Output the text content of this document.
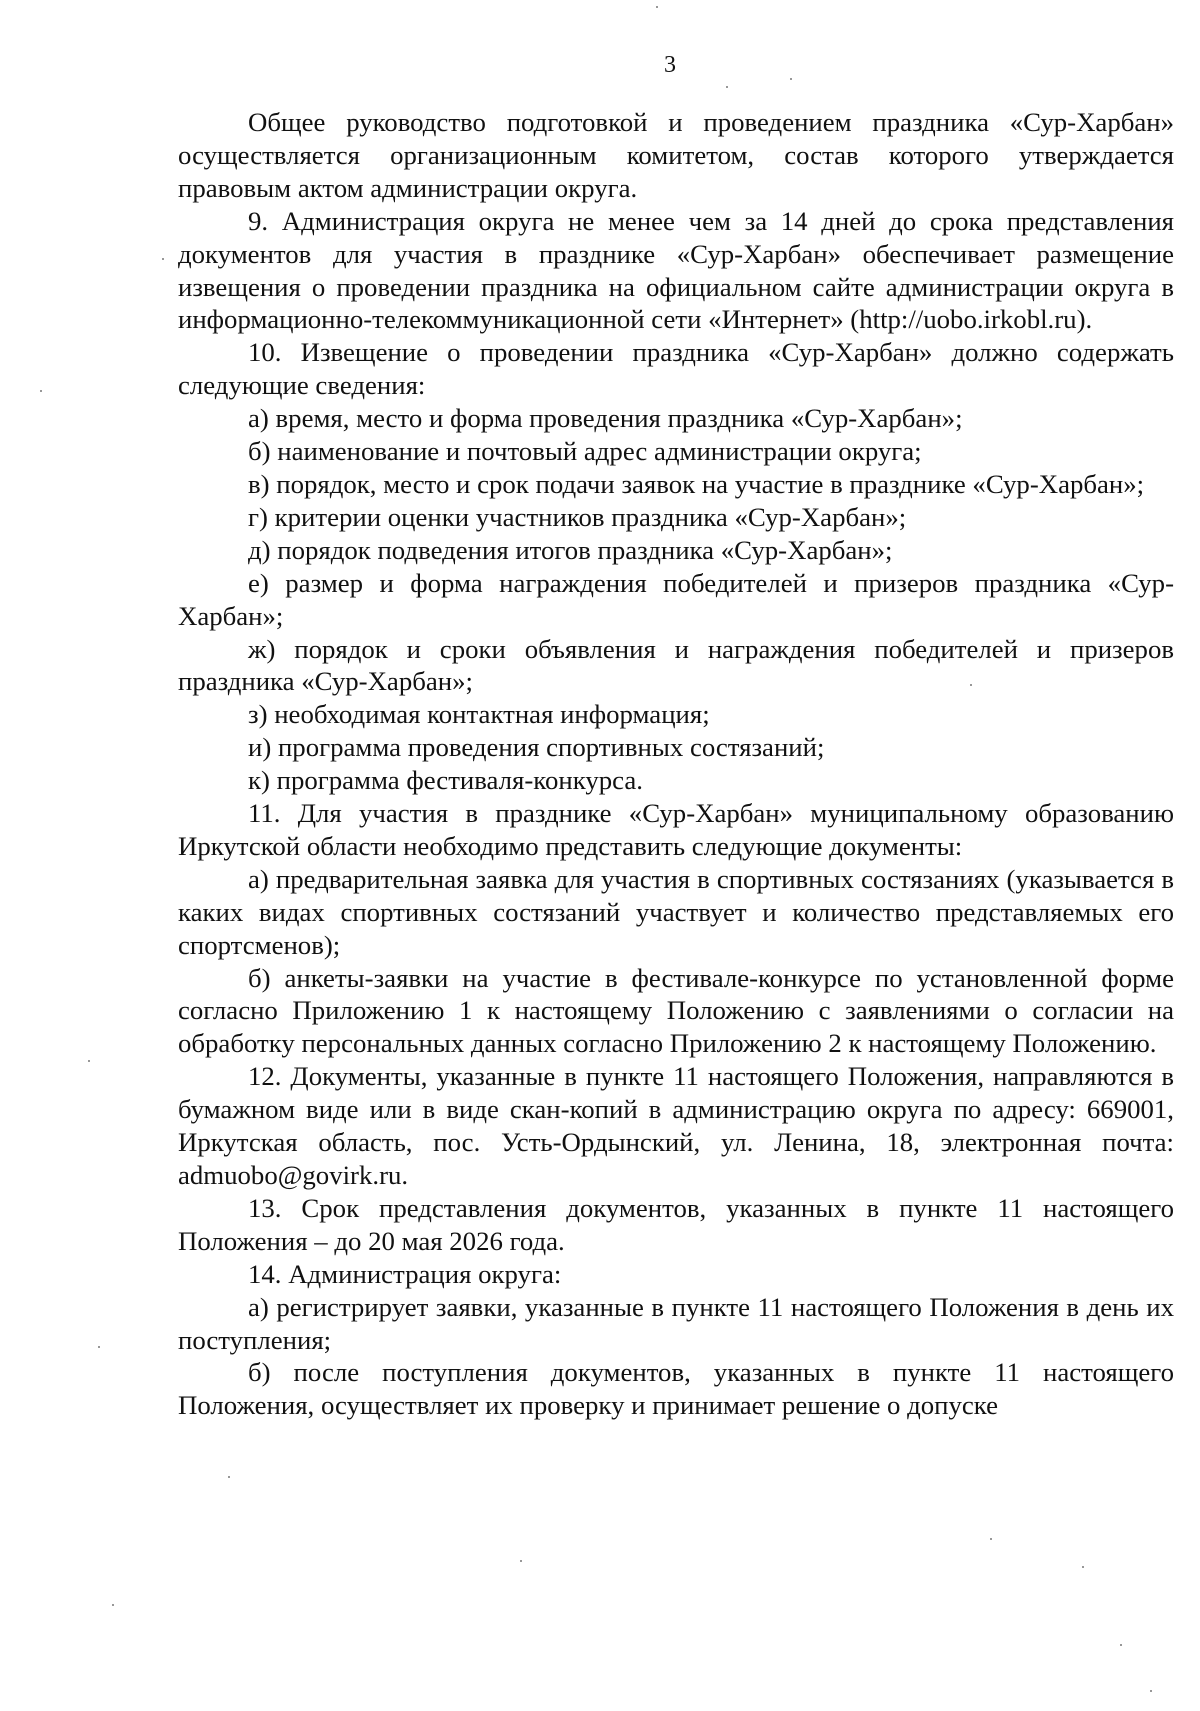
3

Общее руководство подготовкой и проведением праздника «Сур-Харбан» осуществляется организационным комитетом, состав которого утверждается правовым актом администрации округа.

9. Администрация округа не менее чем за 14 дней до срока представления документов для участия в празднике «Сур-Харбан» обеспечивает размещение извещения о проведении праздника на официальном сайте администрации округа в информационно-телекоммуникационной сети «Интернет» (http://uobo.irkobl.ru).

10. Извещение о проведении праздника «Сур-Харбан» должно содержать следующие сведения:

а) время, место и форма проведения праздника «Сур-Харбан»;

б) наименование и почтовый адрес администрации округа;

в) порядок, место и срок подачи заявок на участие в празднике «Сур-Харбан»;

г) критерии оценки участников праздника «Сур-Харбан»;

д) порядок подведения итогов праздника «Сур-Харбан»;

е) размер и форма награждения победителей и призеров праздника «Сур-Харбан»;

ж) порядок и сроки объявления и награждения победителей и призеров праздника «Сур-Харбан»;

з) необходимая контактная информация;

и) программа проведения спортивных состязаний;

к) программа фестиваля-конкурса.

11. Для участия в празднике «Сур-Харбан» муниципальному образованию Иркутской области необходимо представить следующие документы:

а) предварительная заявка для участия в спортивных состязаниях (указывается в каких видах спортивных состязаний участвует и количество представляемых его спортсменов);

б) анкеты-заявки на участие в фестивале-конкурсе по установленной форме согласно Приложению 1 к настоящему Положению с заявлениями о согласии на обработку персональных данных согласно Приложению 2 к настоящему Положению.

12. Документы, указанные в пункте 11 настоящего Положения, направляются в бумажном виде или в виде скан-копий в администрацию округа по адресу: 669001, Иркутская область, пос. Усть-Ордынский, ул. Ленина, 18, электронная почта: admuobo@govirk.ru.

13. Срок представления документов, указанных в пункте 11 настоящего Положения – до 20 мая 2026 года.

14. Администрация округа:

а) регистрирует заявки, указанные в пункте 11 настоящего Положения в день их поступления;

б) после поступления документов, указанных в пункте 11 настоящего Положения, осуществляет их проверку и принимает решение о допуске
